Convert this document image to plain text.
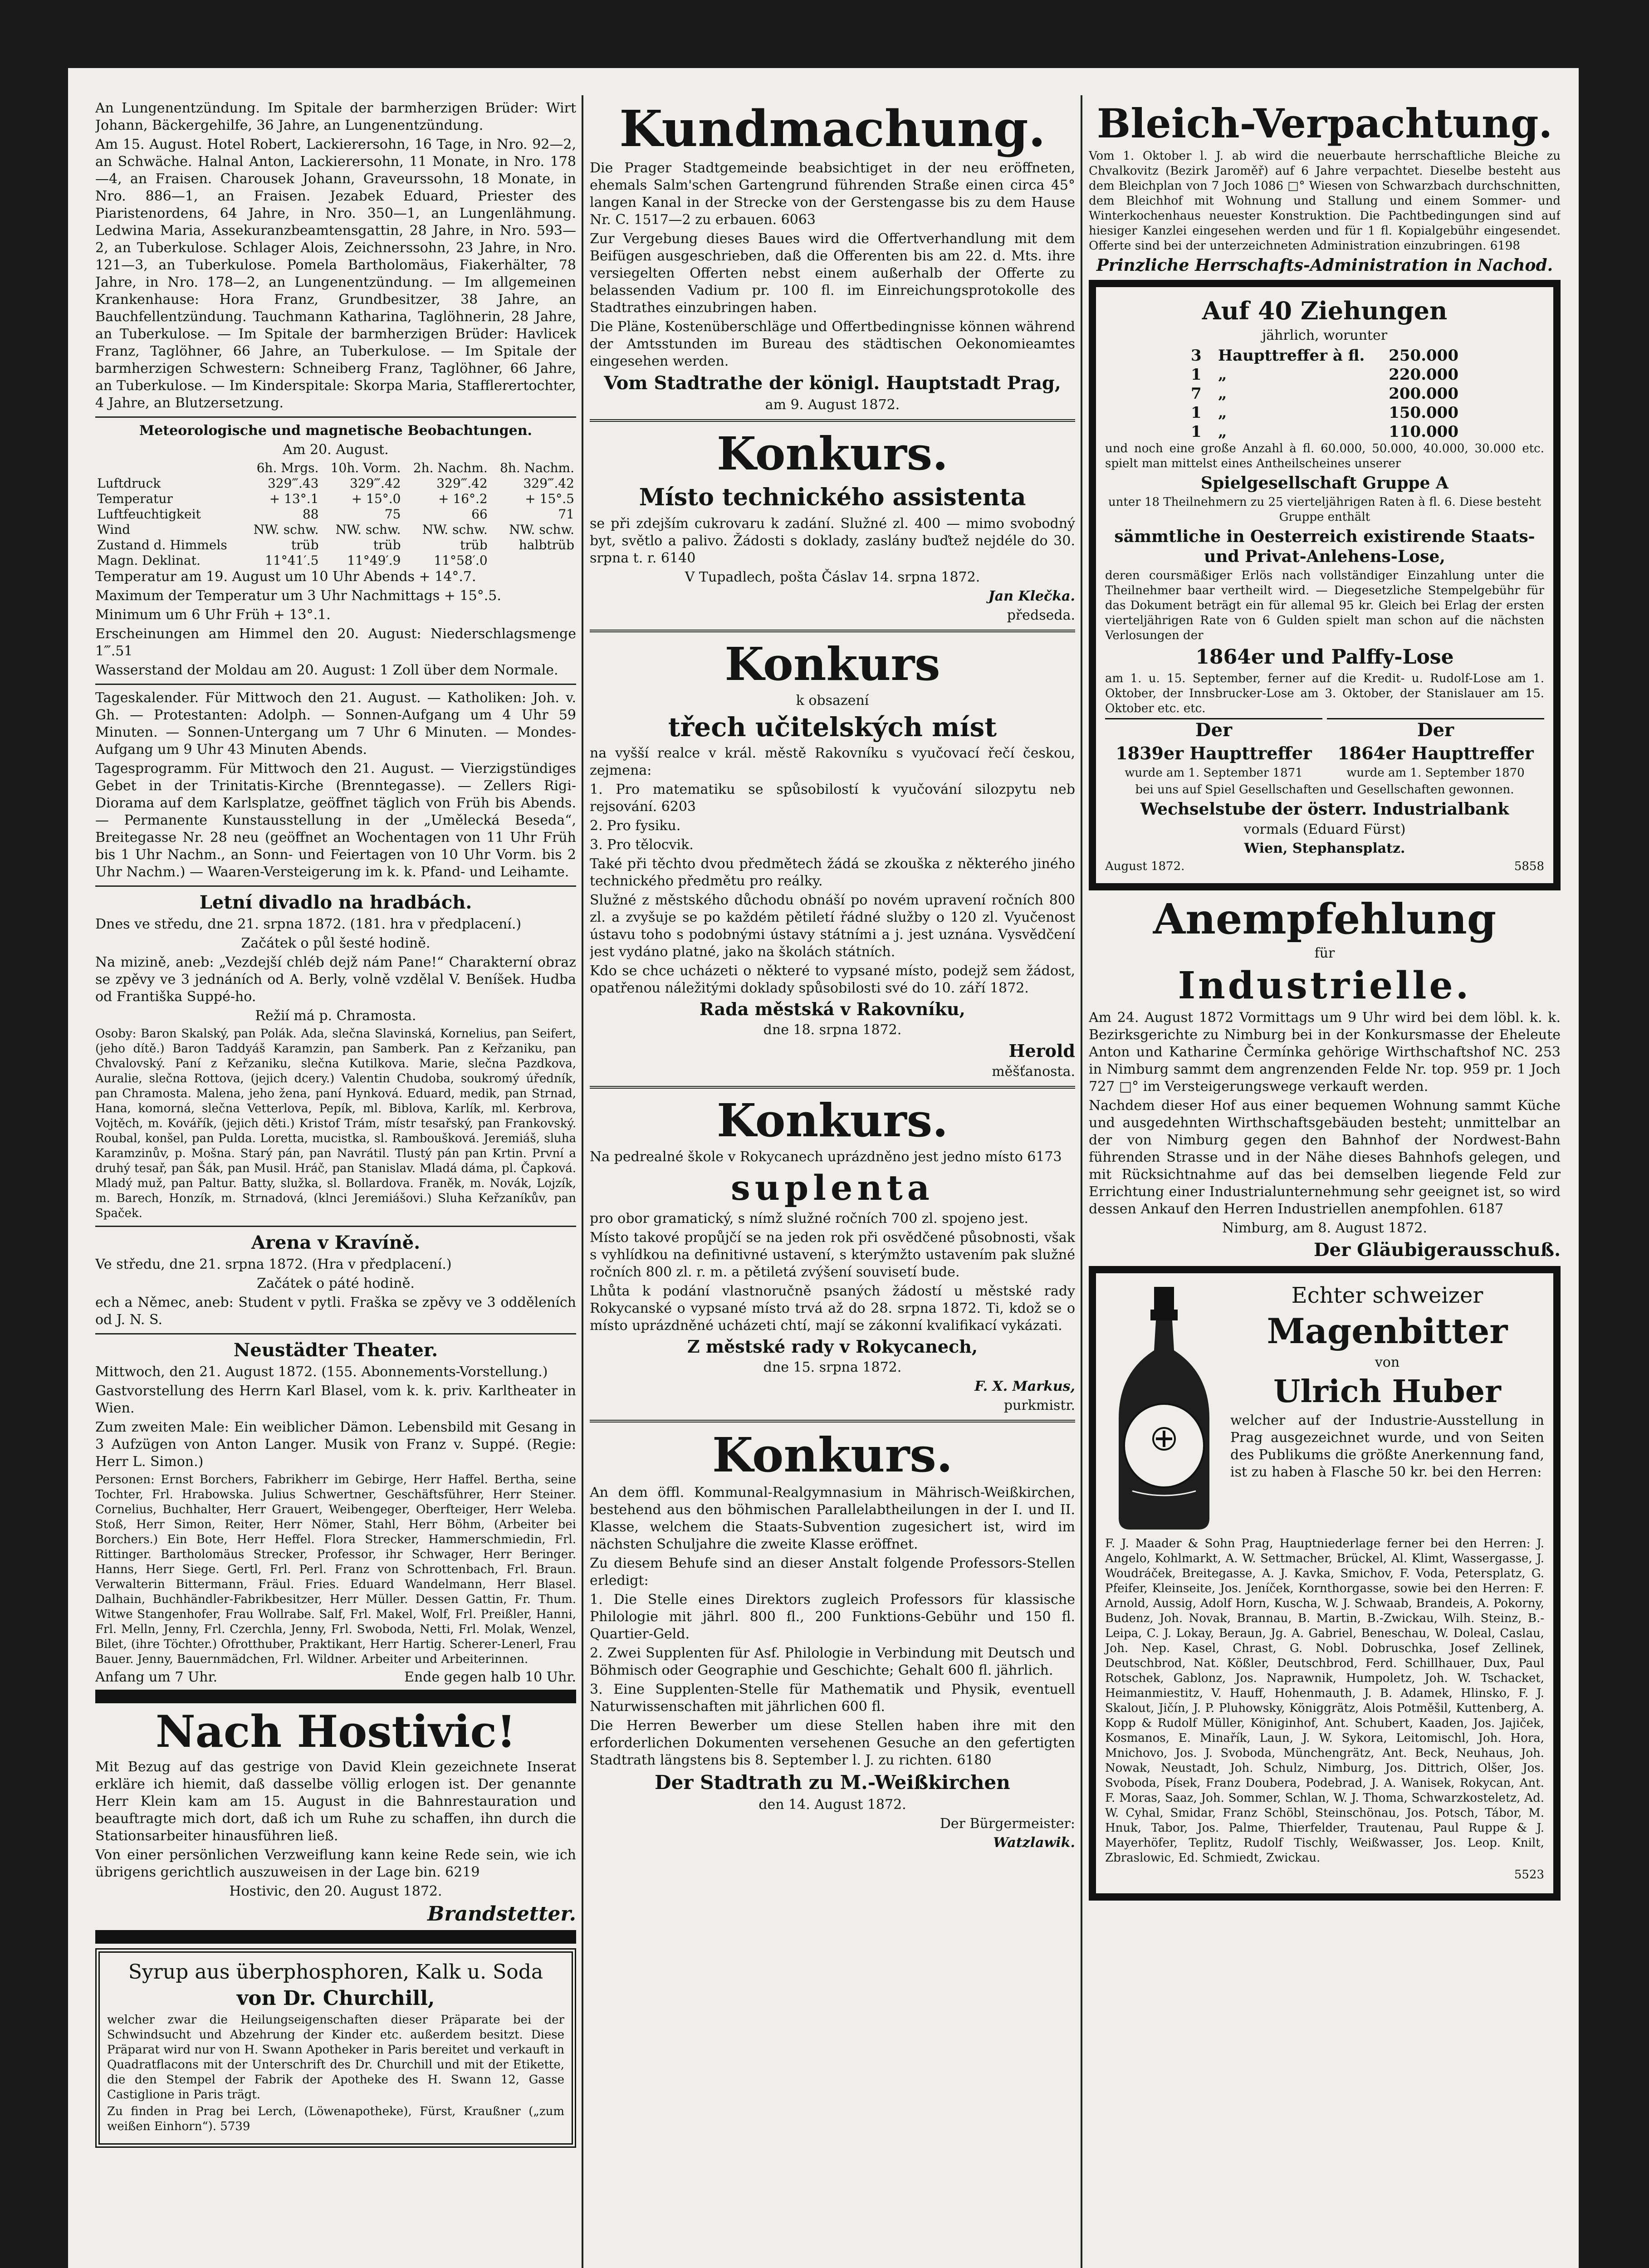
An Lungenentzündung. Im Spitale der barmherzigen Brüder: Wirt Johann, Bäckergehilfe, 36 Jahre, an Lungenentzündung.

Am 15. August. Hotel Robert, Lackierersohn, 16 Tage, in Nro. 92—2, an Schwäche. Halnal Anton, Lackierersohn, 11 Monate, in Nro. 178—4, an Fraisen. Charousek Johann, Graveurssohn, 18 Monate, in Nro. 886—1, an Fraisen. Jezabek Eduard, Priester des Piaristenordens, 64 Jahre, in Nro. 350—1, an Lungenlähmung. Ledwina Maria, Assekuranzbeamtensgattin, 28 Jahre, in Nro. 593—2, an Tuberkulose. Schlager Alois, Zeichnerssohn, 23 Jahre, in Nro. 121—3, an Tuberkulose. Pomela Bartholomäus, Fiakerhälter, 78 Jahre, in Nro. 178—2, an Lungenentzündung. — Im allgemeinen Krankenhause: Hora Franz, Grundbesitzer, 38 Jahre, an Bauchfellentzündung. Tauchmann Katharina, Taglöhnerin, 28 Jahre, an Tuberkulose. — Im Spitale der barmherzigen Brüder: Havlicek Franz, Taglöhner, 66 Jahre, an Tuberkulose. — Im Spitale der barmherzigen Schwestern: Schneiberg Franz, Taglöhner, 66 Jahre, an Tuberkulose. — Im Kinderspitale: Skorpa Maria, Stafflerertochter, 4 Jahre, an Blutzersetzung.

Meteorologische und magnetische Beobachtungen.

Am 20. August.

	6h. Mrgs.	10h. Vorm.	2h. Nachm.	8h. Nachm.
Luftdruck	329‴.43	329‴.42	329‴.42	329‴.42
Temperatur	+ 13°.1	+ 15°.0	+ 16°.2	+ 15°.5
Luftfeuchtigkeit	88	75	66	71
Wind	NW. schw.	NW. schw.	NW. schw.	NW. schw.
Zustand d. Himmels	trüb	trüb	trüb	halbtrüb
Magn. Deklinat.	11°41′.5	11°49′.9	11°58′.0	

Temperatur am 19. August um 10 Uhr Abends + 14°.7.

Maximum der Temperatur um 3 Uhr Nachmittags + 15°.5.

Minimum um 6 Uhr Früh + 13°.1.

Erscheinungen am Himmel den 20. August: Niederschlagsmenge 1‴.51

Wasserstand der Moldau am 20. August: 1 Zoll über dem Normale.

Tageskalender. Für Mittwoch den 21. August. — Katholiken: Joh. v. Gh. — Protestanten: Adolph. — Sonnen-Aufgang um 4 Uhr 59 Minuten. — Sonnen-Untergang um 7 Uhr 6 Minuten. — Mondes-Aufgang um 9 Uhr 43 Minuten Abends.

Tagesprogramm. Für Mittwoch den 21. August. — Vierzigstündiges Gebet in der Trinitatis-Kirche (Brenntegasse). — Zellers Rigi-Diorama auf dem Karlsplatze, geöffnet täglich von Früh bis Abends. — Permanente Kunstausstellung in der „Umělecká Beseda“, Breitegasse Nr. 28 neu (geöffnet an Wochentagen von 11 Uhr Früh bis 1 Uhr Nachm., an Sonn- und Feiertagen von 10 Uhr Vorm. bis 2 Uhr Nachm.) — Waaren-Versteigerung im k. k. Pfand- und Leihamte.

Letní divadlo na hradbách.

Dnes ve středu, dne 21. srpna 1872. (181. hra v předplacení.)

Začátek o půl šesté hodině.

Na mizině, aneb: „Vezdejší chléb dejž nám Pane!“ Charakterní obraz se zpěvy ve 3 jednáních od A. Berly, volně vzdělal V. Beníšek. Hudba od Františka Suppé-ho.

Režií má p. Chramosta.

Osoby: Baron Skalský, pan Polák. Ada, slečna Slavinská, Kornelius, pan Seifert, (jeho dítě.) Baron Taddyáš Karamzin, pan Samberk. Pan z Keřzaniku, pan Chvalovský. Paní z Keřzaniku, slečna Kutilkova. Marie, slečna Pazdkova, Auralie, slečna Rottova, (jejich dcery.) Valentin Chudoba, soukromý úředník, pan Chramosta. Malena, jeho žena, paní Hynková. Eduard, medik, pan Strnad, Hana, komorná, slečna Vetterlova, Pepík, ml. Biblova, Karlík, ml. Kerbrova, Vojtěch, m. Kovářík, (jejich děti.) Kristof Trám, místr tesařský, pan Frankovský. Roubal, konšel, pan Pulda. Loretta, mucistka, sl. Ramboušková. Jeremiáš, sluha Karamzinův, p. Mošna. Starý pán, pan Navrátil. Tlustý pán pan Krtin. První a druhý tesař, pan Šák, pan Musil. Hráč, pan Stanislav. Mladá dáma, pl. Čapková. Mladý muž, pan Paltur. Batty, služka, sl. Bollardova. Franěk, m. Novák, Lojzík, m. Barech, Honzík, m. Strnadová, (klnci Jeremiášovi.) Sluha Keřzaníkův, pan Spaček.

Arena v Kravíně.

Ve středu, dne 21. srpna 1872. (Hra v předplacení.)

Začátek o páté hodině.

ech a Němec, aneb: Student v pytli. Fraška se zpěvy ve 3 odděleních od J. N. S.

Neustädter Theater.

Mittwoch, den 21. August 1872. (155. Abonnements-Vorstellung.)

Gastvorstellung des Herrn Karl Blasel, vom k. k. priv. Karltheater in Wien.

Zum zweiten Male: Ein weiblicher Dämon. Lebensbild mit Gesang in 3 Aufzügen von Anton Langer. Musik von Franz v. Suppé. (Regie: Herr L. Simon.)

Personen: Ernst Borchers, Fabrikherr im Gebirge, Herr Haffel. Bertha, seine Tochter, Frl. Hrabowska. Julius Schwertner, Geschäftsführer, Herr Steiner. Cornelius, Buchhalter, Herr Grauert, Weibengeger, Oberfteiger, Herr Weleba. Stoß, Herr Simon, Reiter, Herr Nömer, Stahl, Herr Böhm, (Arbeiter bei Borchers.) Ein Bote, Herr Heffel. Flora Strecker, Hammerschmiedin, Frl. Rittinger. Bartholomäus Strecker, Professor, ihr Schwager, Herr Beringer. Hanns, Herr Siege. Gertl, Frl. Perl. Franz von Schrottenbach, Frl. Braun. Verwalterin Bittermann, Fräul. Fries. Eduard Wandelmann, Herr Blasel. Dalhain, Buchhändler-Fabrikbesitzer, Herr Müller. Dessen Gattin, Fr. Thum. Witwe Stangenhofer, Frau Wollrabe. Salf, Frl. Makel, Wolf, Frl. Preißler, Hanni, Frl. Melln, Jenny, Frl. Czerchla, Jenny, Frl. Swoboda, Netti, Frl. Molak, Wenzel, Bilet, (ihre Töchter.) Ofrotthuber, Praktikant, Herr Hartig. Scherer-Lenerl, Frau Bauer. Jenny, Bauernmädchen, Frl. Wildner. Arbeiter und Arbeiterinnen.

Anfang um 7 Uhr.	Ende gegen halb 10 Uhr.

Nach Hostivic!

Mit Bezug auf das gestrige von David Klein gezeichnete Inserat erkläre ich hiemit, daß dasselbe völlig erlogen ist. Der genannte Herr Klein kam am 15. August in die Bahnrestauration und beauftragte mich dort, daß ich um Ruhe zu schaffen, ihn durch die Stationsarbeiter hinausführen ließ.

Von einer persönlichen Verzweiflung kann keine Rede sein, wie ich übrigens gerichtlich auszuweisen in der Lage bin. 6219

Hostivic, den 20. August 1872.

Brandstetter.

Syrup aus überphosphoren, Kalk u. Soda

von Dr. Churchill,

welcher zwar die Heilungseigenschaften dieser Präparate bei der Schwindsucht und Abzehrung der Kinder etc. außerdem besitzt. Diese Präparat wird nur von H. Swann Apotheker in Paris bereitet und verkauft in Quadratflacons mit der Unterschrift des Dr. Churchill und mit der Etikette, die den Stempel der Fabrik der Apotheke des H. Swann 12, Gasse Castiglione in Paris trägt.

Zu finden in Prag bei Lerch, (Löwenapotheke), Fürst, Kraußner („zum weißen Einhorn“). 5739

Kundmachung.

Die Prager Stadtgemeinde beabsichtiget in der neu eröffneten, ehemals Salm'schen Gartengrund führenden Straße einen circa 45° langen Kanal in der Strecke von der Gerstengasse bis zu dem Hause Nr. C. 1517—2 zu erbauen. 6063

Zur Vergebung dieses Baues wird die Offertverhandlung mit dem Beifügen ausgeschrieben, daß die Offerenten bis am 22. d. Mts. ihre versiegelten Offerten nebst einem außerhalb der Offerte zu belassenden Vadium pr. 100 fl. im Einreichungsprotokolle des Stadtrathes einzubringen haben.

Die Pläne, Kostenüberschläge und Offertbedingnisse können während der Amtsstunden im Bureau des städtischen Oekonomieamtes eingesehen werden.

Vom Stadtrathe der königl. Hauptstadt Prag,

am 9. August 1872.

Konkurs.

Místo technického assistenta

se při zdejším cukrovaru k zadání. Služné zl. 400 — mimo svobodný byt, světlo a palivo. Žádosti s doklady, zaslány buďtež nejdéle do 30. srpna t. r. 6140

V Tupadlech, pošta Čáslav 14. srpna 1872.

Jan Klečka.

předseda.

Konkurs

k obsazení

třech učitelských míst

na vyšší realce v král. městě Rakovníku s vyučovací řečí českou, zejmena:

1. Pro matematiku se spůsobilostí k vyučování silozpytu neb rejsování. 6203

2. Pro fysiku.

3. Pro tělocvik.

Také při těchto dvou předmětech žádá se zkouška z některého jiného technického předmětu pro reálky.

Služné z městského důchodu obnáší po novém upravení ročních 800 zl. a zvyšuje se po každém pětiletí řádné služby o 120 zl. Vyučenost ústavu toho s podobnými ústavy státními a j. jest uznána. Vysvědčení jest vydáno platné, jako na školách státních.

Kdo se chce ucházeti o některé to vypsané místo, podejž sem žádost, opatřenou náležitými doklady spůsobilosti své do 10. září 1872.

Rada městská v Rakovníku,

dne 18. srpna 1872.

Herold

měšťanosta.

Konkurs.

Na pedrealné škole v Rokycanech uprázdněno jest jedno místo 6173

suplenta

pro obor gramatický, s nímž služné ročních 700 zl. spojeno jest.

Místo takové propůjčí se na jeden rok při osvědčené působnosti, však s vyhlídkou na definitivné ustavení, s kterýmžto ustavením pak služné ročních 800 zl. r. m. a pětiletá zvýšení souvisetí bude.

Lhůta k podání vlastnoručně psaných žádostí u městské rady Rokycanské o vypsané místo trvá až do 28. srpna 1872. Ti, kdož se o místo uprázdněné ucházeti chtí, mají se zákonní kvalifikací vykázati.

Z městské rady v Rokycanech,

dne 15. srpna 1872.

F. X. Markus,

purkmistr.

Konkurs.

An dem öffl. Kommunal-Realgymnasium in Mährisch-Weißkirchen, bestehend aus den böhmischen Parallelabtheilungen in der I. und II. Klasse, welchem die Staats-Subvention zugesichert ist, wird im nächsten Schuljahre die zweite Klasse eröffnet.

Zu diesem Behufe sind an dieser Anstalt folgende Professors-Stellen erledigt:

1. Die Stelle eines Direktors zugleich Professors für klassische Philologie mit jährl. 800 fl., 200 Funktions-Gebühr und 150 fl. Quartier-Geld.

2. Zwei Supplenten für Asf. Philologie in Verbindung mit Deutsch und Böhmisch oder Geographie und Geschichte; Gehalt 600 fl. jährlich.

3. Eine Supplenten-Stelle für Mathematik und Physik, eventuell Naturwissenschaften mit jährlichen 600 fl.

Die Herren Bewerber um diese Stellen haben ihre mit den erforderlichen Dokumenten versehenen Gesuche an den gefertigten Stadtrath längstens bis 8. September l. J. zu richten. 6180

Der Stadtrath zu M.-Weißkirchen

den 14. August 1872.

Der Bürgermeister:

Watzlawik.

Bleich-Verpachtung.

Vom 1. Oktober l. J. ab wird die neuerbaute herrschaftliche Bleiche zu Chvalkovitz (Bezirk Jaroměř) auf 6 Jahre verpachtet. Dieselbe besteht aus dem Bleichplan von 7 Joch 1086 □° Wiesen von Schwarzbach durchschnitten, dem Bleichhof mit Wohnung und Stallung und einem Sommer- und Winterkochenhaus neuester Konstruktion. Die Pachtbedingungen sind auf hiesiger Kanzlei eingesehen werden und für 1 fl. Kopialgebühr eingesendet. Offerte sind bei der unterzeichneten Administration einzubringen. 6198

Prinzliche Herrschafts-Administration in Nachod.

Auf 40 Ziehungen

jährlich, worunter

3	Haupttreffer à fl.	250.000
1	„	220.000
7	„	200.000
1	„	150.000
1	„	110.000

und noch eine große Anzahl à fl. 60.000, 50.000, 40.000, 30.000 etc. spielt man mittelst eines Antheilscheines unserer

Spielgesellschaft Gruppe A

unter 18 Theilnehmern zu 25 vierteljährigen Raten à fl. 6. Diese besteht Gruppe enthält

sämmtliche in Oesterreich existirende Staats- und Privat-Anlehens-Lose,

deren coursmäßiger Erlös nach vollständiger Einzahlung unter die Theilnehmer baar vertheilt wird. — Diegesetzliche Stempelgebühr für das Dokument beträgt ein für allemal 95 kr. Gleich bei Erlag der ersten vierteljährigen Rate von 6 Gulden spielt man schon auf die nächsten Verlosungen der

1864er und Palffy-Lose

am 1. u. 15. September, ferner auf die Kredit- u. Rudolf-Lose am 1. Oktober, der Innsbrucker-Lose am 3. Oktober, der Stanislauer am 15. Oktober etc. etc.

Der

1839er Haupttreffer

wurde am 1. September 1871

Der

1864er Haupttreffer

wurde am 1. September 1870

bei uns auf Spiel Gesellschaften und Gesellschaften gewonnen.

Wechselstube der österr. Industrialbank

vormals (Eduard Fürst)

Wien, Stephansplatz.

August 1872.	5858

Anempfehlung

für

Industrielle.

Am 24. August 1872 Vormittags um 9 Uhr wird bei dem löbl. k. k. Bezirksgerichte zu Nimburg bei in der Konkursmasse der Eheleute Anton und Katharine Čermínka gehörige Wirthschaftshof NC. 253 in Nimburg sammt dem angrenzenden Felde Nr. top. 959 pr. 1 Joch 727 □° im Versteigerungswege verkauft werden.

Nachdem dieser Hof aus einer bequemen Wohnung sammt Küche und ausgedehnten Wirthschaftsgebäuden besteht; unmittelbar an der von Nimburg gegen den Bahnhof der Nordwest-Bahn führenden Strasse und in der Nähe dieses Bahnhofs gelegen, und mit Rücksichtnahme auf das bei demselben liegende Feld zur Errichtung einer Industrialunternehmung sehr geeignet ist, so wird dessen Ankauf den Herren Industriellen anempfohlen. 6187

Nimburg, am 8. August 1872.

Der Gläubigerausschuß.

Echter schweizer

Magenbitter

von

Ulrich Huber

welcher auf der Industrie-Ausstellung in Prag ausgezeichnet wurde, und von Seiten des Publikums die größte Anerkennung fand, ist zu haben à Flasche 50 kr. bei den Herren:

F. J. Maader & Sohn Prag, Hauptniederlage ferner bei den Herren: J. Angelo, Kohlmarkt, A. W. Settmacher, Brückel, Al. Klimt, Wassergasse, J. Woudráček, Breitegasse, A. J. Kavka, Smichov, F. Voda, Petersplatz, G. Pfeifer, Kleinseite, Jos. Jeníček, Kornthorgasse, sowie bei den Herren: F. Arnold, Aussig, Adolf Horn, Kuscha, W. J. Schwaab, Brandeis, A. Pokorny, Budenz, Joh. Novak, Brannau, B. Martin, B.-Zwickau, Wilh. Steinz, B.-Leipa, C. J. Lokay, Beraun, Jg. A. Gabriel, Beneschau, W. Doleal, Caslau, Joh. Nep. Kasel, Chrast, G. Nobl. Dobruschka, Josef Zellinek, Deutschbrod, Nat. Kößler, Deutschbrod, Ferd. Schillhauer, Dux, Paul Rotschek, Gablonz, Jos. Naprawnik, Humpoletz, Joh. W. Tschacket, Heimanmiestitz, V. Hauff, Hohenmauth, J. B. Adamek, Hlinsko, F. J. Skalout, Jičín, J. P. Pluhowsky, Königgrätz, Alois Potměšil, Kuttenberg, A. Kopp & Rudolf Müller, Königinhof, Ant. Schubert, Kaaden, Jos. Jajiček, Kosmanos, E. Minařík, Laun, J. W. Sykora, Leitomischl, Joh. Hora, Mnichovo, Jos. J. Svoboda, Münchengrätz, Ant. Beck, Neuhaus, Joh. Nowak, Neustadt, Joh. Schulz, Nimburg, Jos. Dittrich, Olšer, Jos. Svoboda, Písek, Franz Doubera, Podebrad, J. A. Wanisek, Rokycan, Ant. F. Moras, Saaz, Joh. Sommer, Schlan, W. J. Thoma, Schwarzkosteletz, Ad. W. Cyhal, Smidar, Franz Schöbl, Steinschönau, Jos. Potsch, Tábor, M. Hnuk, Tabor, Jos. Palme, Thierfelder, Trautenau, Paul Ruppe & J. Mayerhöfer, Teplitz, Rudolf Tischly, Weißwasser, Jos. Leop. Knilt, Zbraslowic, Ed. Schmiedt, Zwickau.

5523
